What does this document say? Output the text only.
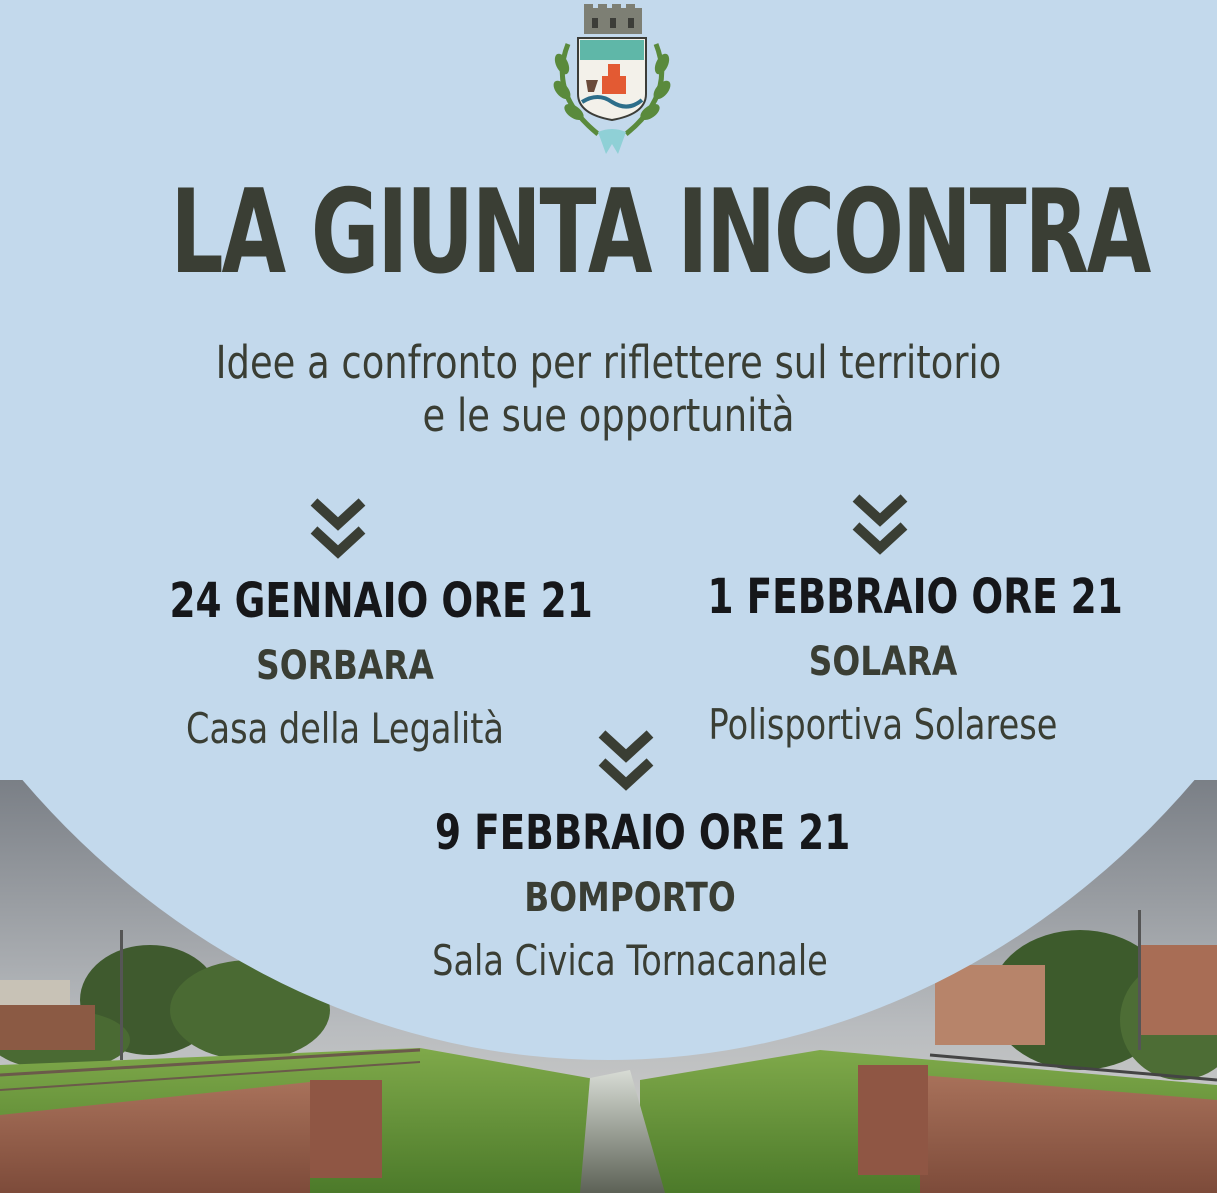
LA GIUNTA INCONTRA
Idee a confronto per riflettere sul territorio
e le sue opportunità
24 GENNAIO ORE 21
SORBARA
Casa della Legalità
1 FEBBRAIO ORE 21
SOLARA
Polisportiva Solarese
9 FEBBRAIO ORE 21
BOMPORTO
Sala Civica Tornacanale
